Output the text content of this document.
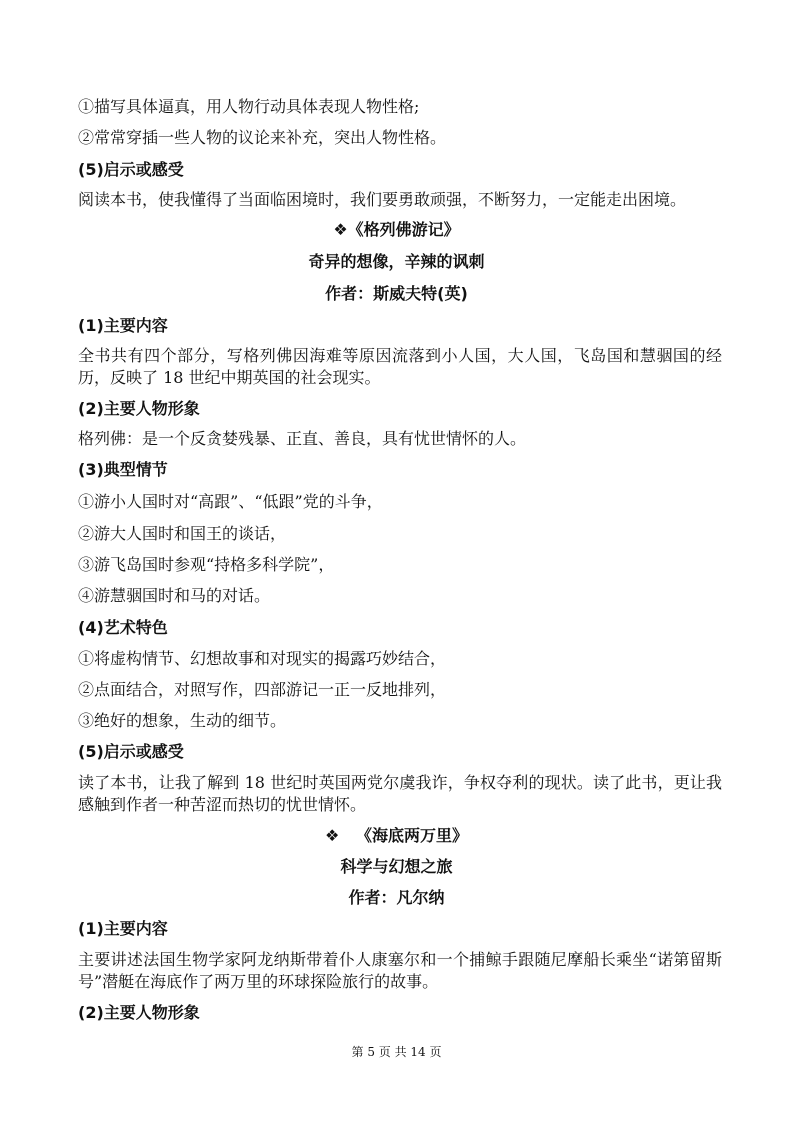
①描写具体逼真，用人物行动具体表现人物性格;
②常常穿插一些人物的议论来补充，突出人物性格。
(5)启示或感受
阅读本书，使我懂得了当面临困境时，我们要勇敢顽强，不断努力，一定能走出困境。
❖《格列佛游记》
奇异的想像，辛辣的讽刺
作者：斯威夫特(英)
(1)主要内容
全书共有四个部分，写格列佛因海难等原因流落到小人国，大人国，飞岛国和慧骃国的经历，反映了 18 世纪中期英国的社会现实。
(2)主要人物形象
格列佛：是一个反贪婪残暴、正直、善良，具有忧世情怀的人。
(3)典型情节
①游小人国时对“高跟”、“低跟”党的斗争，
②游大人国时和国王的谈话，
③游飞岛国时参观“持格多科学院”，
④游慧骃国时和马的对话。
(4)艺术特色
①将虚构情节、幻想故事和对现实的揭露巧妙结合，
②点面结合，对照写作，四部游记一正一反地排列，
③绝好的想象，生动的细节。
(5)启示或感受
读了本书，让我了解到 18 世纪时英国两党尔虞我诈，争权夺利的现状。读了此书，更让我感触到作者一种苦涩而热切的忧世情怀。
❖ 《海底两万里》
科学与幻想之旅
作者：凡尔纳
(1)主要内容
主要讲述法国生物学家阿龙纳斯带着仆人康塞尔和一个捕鲸手跟随尼摩船长乘坐“诺第留斯号”潜艇在海底作了两万里的环球探险旅行的故事。
(2)主要人物形象
第 5 页 共 14 页
